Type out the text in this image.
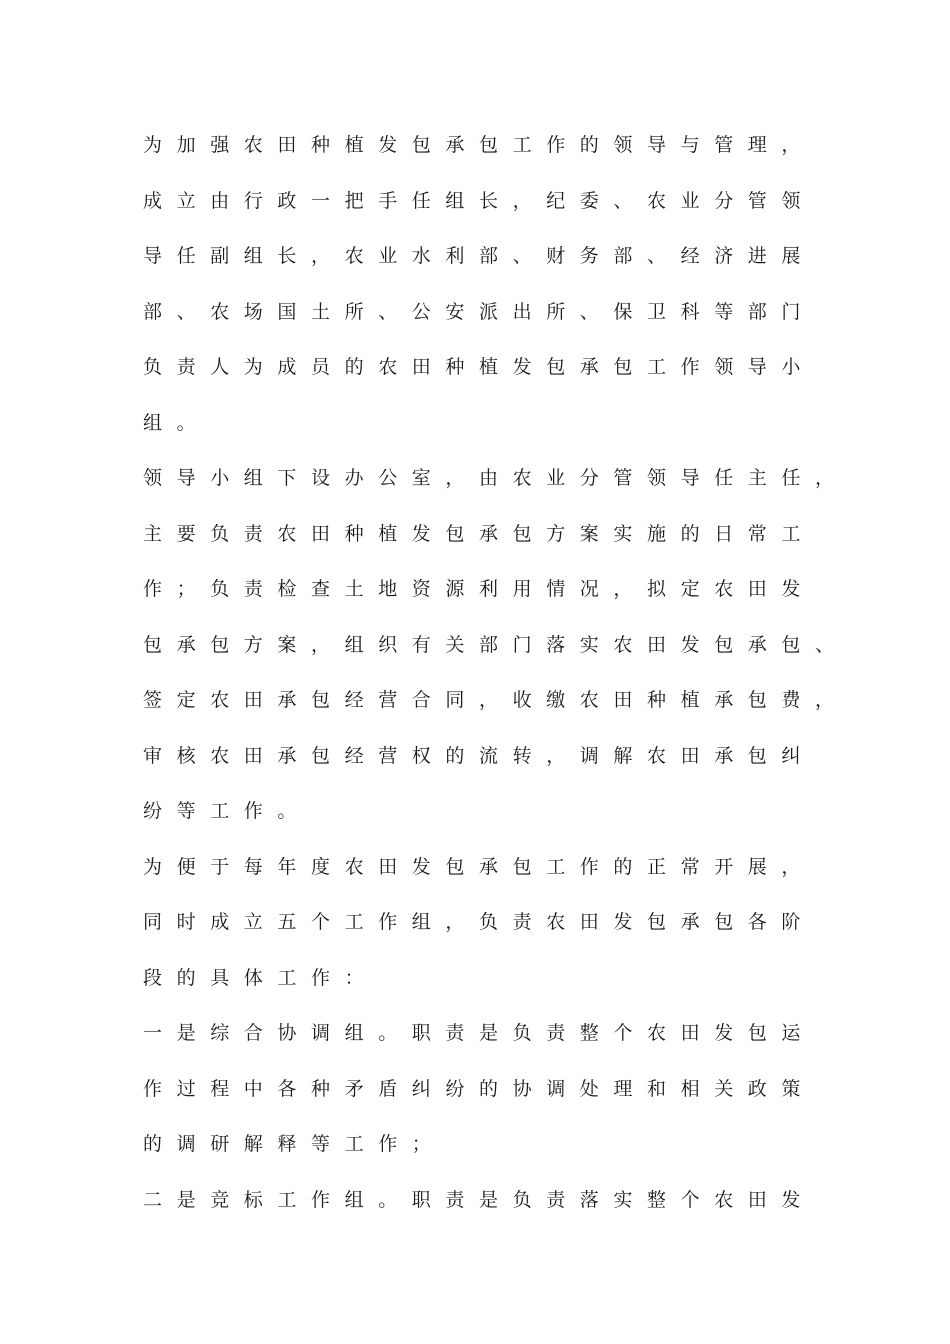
为加强农田种植发包承包工作的领导与管理，
成立由行政一把手任组长，纪委、农业分管领
导任副组长，农业水利部、财务部、经济进展
部、农场国土所、公安派出所、保卫科等部门
负责人为成员的农田种植发包承包工作领导小
组。
领导小组下设办公室，由农业分管领导任主任，
主要负责农田种植发包承包方案实施的日常工
作；负责检查土地资源利用情况，拟定农田发
包承包方案，组织有关部门落实农田发包承包、
签定农田承包经营合同，收缴农田种植承包费，
审核农田承包经营权的流转，调解农田承包纠
纷等工作。
为便于每年度农田发包承包工作的正常开展，
同时成立五个工作组，负责农田发包承包各阶
段的具体工作：
一是综合协调组。职责是负责整个农田发包运
作过程中各种矛盾纠纷的协调处理和相关政策
的调研解释等工作；
二是竞标工作组。职责是负责落实整个农田发
